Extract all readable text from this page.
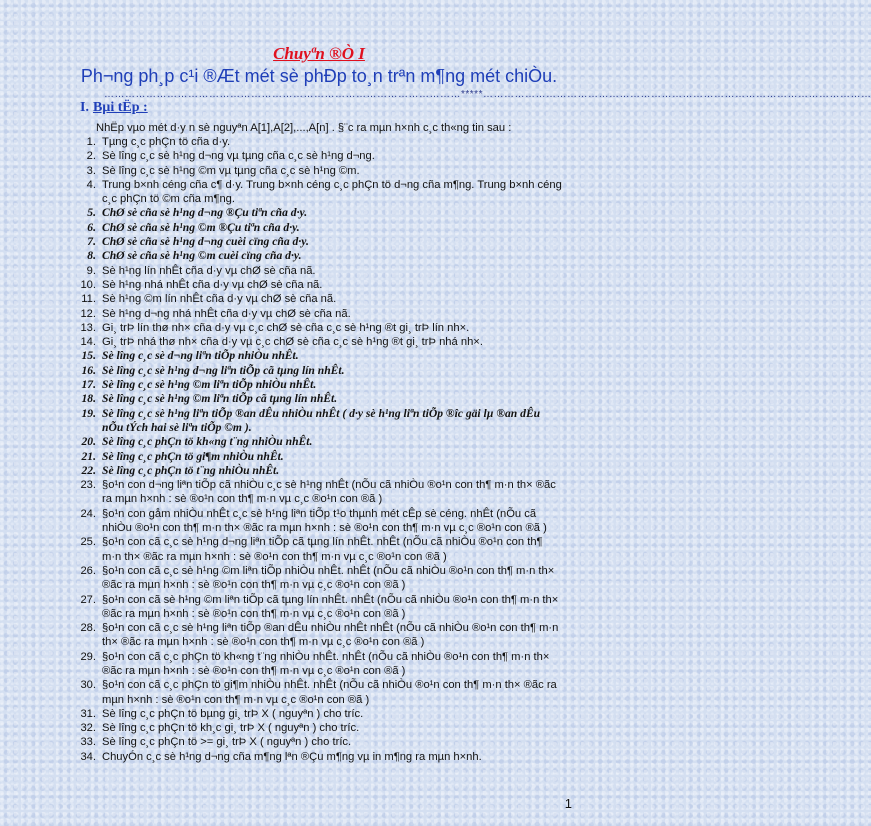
Chuyªn ®Ò I
Ph¬ng ph¸p c¹i ®Æt mét sè phÐp to¸n trªn m¶ng mét chiÒu.
…………………………………………………………………………………………*****…………………………………………………………………………………………………
I. Bµi tËp :
NhËp vµo mét d·y n sè nguyªn A[1],A[2],...,A[n] . §¨c ra mµn h×nh c¸c th«ng tin sau :
1. Tµng c¸c phÇn tö cña d·y.
2. Sè lîng c¸c sè h¹ng d¬ng vµ tµng cña c¸c sè h¹ng d¬ng.
3. Sè lîng c¸c sè h¹ng ©m vµ tµng cña c¸c sè h¹ng ©m.
4. Trung b×nh céng cña c¶ d·y. Trung b×nh céng c¸c phÇn tö d¬ng cña m¶ng. Trung b×nh céng c¸c phÇn tö ©m cña m¶ng.
5. ChØ sè cña sè h¹ng d¬ng ®Çu tiªn cña d·y.
6. ChØ sè cña sè h¹ng ©m ®Çu tiªn cña d·y.
7. ChØ sè cña sè h¹ng d¬ng cuèi cïng cña d·y.
8. ChØ sè cña sè h¹ng ©m cuèi cïng cña d·y.
9. Sè h¹ng lín nhÊt cña d·y vµ chØ sè cña nã.
10. Sè h¹ng nhá nhÊt cña d·y vµ chØ sè cña nã.
11. Sè h¹ng ©m lín nhÊt cña d·y vµ chØ sè cña nã.
12. Sè h¹ng d¬ng nhá nhÊt cña d·y vµ chØ sè cña nã.
13. Gi¸ trÞ lín thø nh× cña d·y vµ c¸c chØ sè cña c¸c sè h¹ng ®t gi¸ trÞ lín nh×.
14. Gi¸ trÞ nhá thø nh× cña d·y vµ c¸c chØ sè cña c¸c sè h¹ng ®t gi¸ trÞ nhá nh×.
15. Sè lîng c¸c sè d¬ng liªn tiÕp nhiÒu nhÊt.
16. Sè lîng c¸c sè h¹ng d¬ng liªn tiÕp cã tµng lín nhÊt.
17. Sè lîng c¸c sè h¹ng ©m liªn tiÕp nhiÒu nhÊt.
18. Sè lîng c¸c sè h¹ng ©m liªn tiÕp cã tµng lín nhÊt.
19. Sè lîng c¸c sè h¹ng liªn tiÕp ®an dÊu nhiÒu nhÊt ( d·y sè h¹ng liªn tiÕp ®îc gäi lµ ®an dÊu nÕu tÝch hai sè liªn tiÕp ©m ).
20. Sè lîng c¸c phÇn tö kh«ng t¨ng nhiÒu nhÊt.
21. Sè lîng c¸c phÇn tö gi¶m nhiÒu nhÊt.
22. Sè lîng c¸c phÇn tö t¨ng nhiÒu nhÊt.
23. §o¹n con d¬ng liªn tiÕp cã nhiÒu c¸c sè h¹ng nhÊt (nÕu cã nhiÒu ®o¹n con th¶ m·n th× ®ãc ra mµn h×nh : sè ®o¹n con th¶ m·n vµ c¸c ®o¹n con ®ã )
24. §o¹n con gåm nhiÒu nhÊt c¸c sè h¹ng liªn tiÕp t¹o thµnh mét cÊp sè céng. nhÊt (nÕu cã nhiÒu ®o¹n con th¶ m·n th× ®ãc ra mµn h×nh : sè ®o¹n con th¶ m·n vµ c¸c ®o¹n con ®ã )
25. §o¹n con cã c¸c sè h¹ng d¬ng liªn tiÕp cã tµng lín nhÊt. nhÊt (nÕu cã nhiÒu ®o¹n con th¶ m·n th× ®ãc ra mµn h×nh : sè ®o¹n con th¶ m·n vµ c¸c ®o¹n con ®ã )
26. §o¹n con cã c¸c sè h¹ng ©m liªn tiÕp nhiÒu nhÊt. nhÊt (nÕu cã nhiÒu ®o¹n con th¶ m·n th× ®ãc ra mµn h×nh : sè ®o¹n con th¶ m·n vµ c¸c ®o¹n con ®ã )
27. §o¹n con cã sè h¹ng ©m liªn tiÕp cã tµng lín nhÊt. nhÊt (nÕu cã nhiÒu ®o¹n con th¶ m·n th× ®ãc ra mµn h×nh : sè ®o¹n con th¶ m·n vµ c¸c ®o¹n con ®ã )
28. §o¹n con cã c¸c sè h¹ng liªn tiÕp ®an dÊu nhiÒu nhÊt nhÊt (nÕu cã nhiÒu ®o¹n con th¶ m·n th× ®ãc ra mµn h×nh : sè ®o¹n con th¶ m·n vµ c¸c ®o¹n con ®ã )
29. §o¹n con cã c¸c phÇn tö kh«ng t¨ng nhiÒu nhÊt. nhÊt (nÕu cã nhiÒu ®o¹n con th¶ m·n th× ®ãc ra mµn h×nh : sè ®o¹n con th¶ m·n vµ c¸c ®o¹n con ®ã )
30. §o¹n con cã c¸c phÇn tö gi¶m nhiÒu nhÊt. nhÊt (nÕu cã nhiÒu ®o¹n con th¶ m·n th× ®ãc ra mµn h×nh : sè ®o¹n con th¶ m·n vµ c¸c ®o¹n con ®ã )
31. Sè lîng c¸c phÇn tö bµng gi¸ trÞ X ( nguyªn ) cho tríc.
32. Sè lîng c¸c phÇn tö kh¸c gi¸ trÞ X ( nguyªn ) cho tríc.
33. Sè lîng c¸c phÇn tö >= gi¸ trÞ X ( nguyªn ) cho tríc.
34. ChuyÓn c¸c sè h¹ng d¬ng cña m¶ng lªn ®Çu m¶ng vµ in m¶ng ra mµn h×nh.
1
